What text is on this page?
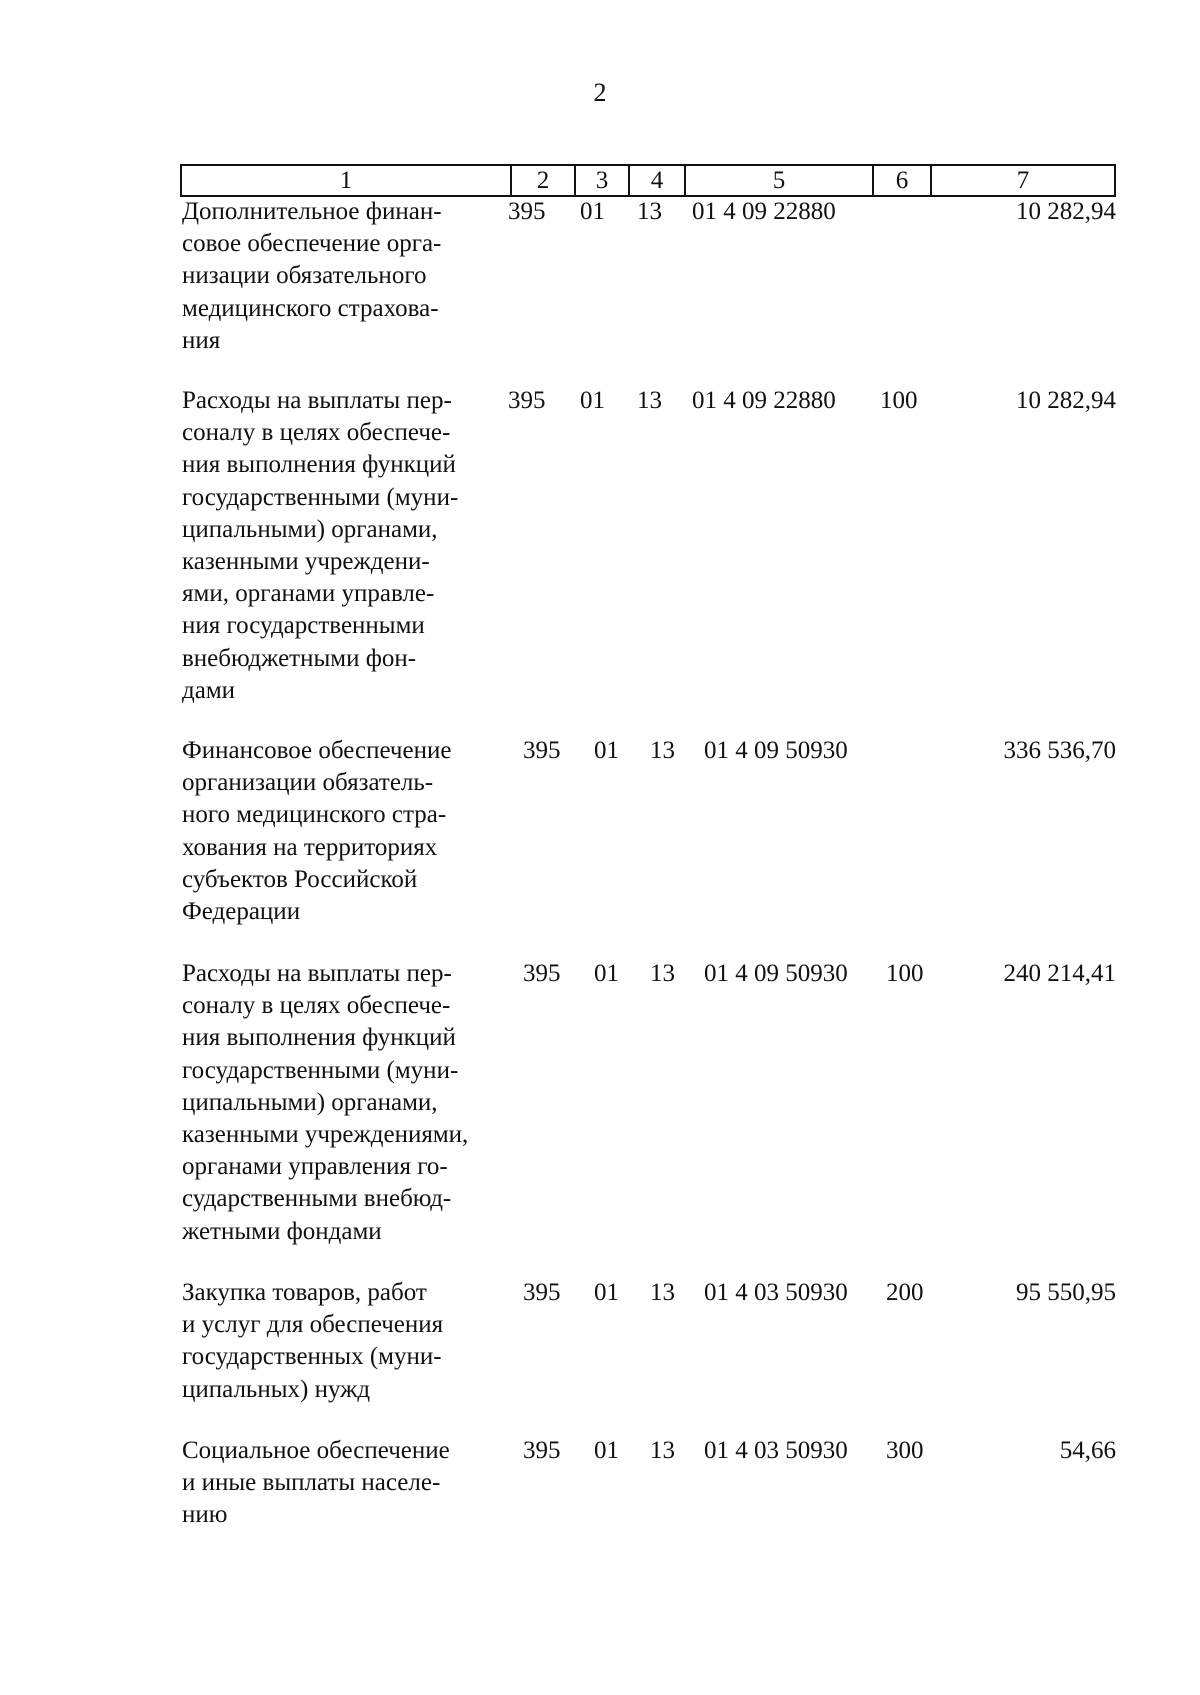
2
1	2	3	4	5	6	7
Дополнительное финан-
совое обеспечение орга-
низации обязательного
медицинского страхова-
ния
395 01 13 01 4 09 22880	10 282,94
Расходы на выплаты пер-
соналу в целях обеспече-
ния выполнения функций
государственными (муни-
ципальными) органами,
казенными учреждени-
ями, органами управле-
ния государственными
внебюджетными фон-
дами
395 01 13 01 4 09 22880 100	10 282,94
Финансовое обеспечение
организации обязатель-
ного медицинского стра-
хования на территориях
субъектов Российской
Федерации
395 01 13 01 4 09 50930	336 536,70
Расходы на выплаты пер-
соналу в целях обеспече-
ния выполнения функций
государственными (муни-
ципальными) органами,
казенными учреждениями,
органами управления го-
сударственными внебюд-
жетными фондами
395 01 13 01 4 09 50930 100	240 214,41
Закупка товаров, работ
и услуг для обеспечения
государственных (муни-
ципальных) нужд
395 01 13 01 4 03 50930 200	95 550,95
Социальное обеспечение
и иные выплаты населе-
нию
395 01 13 01 4 03 50930 300	54,66
